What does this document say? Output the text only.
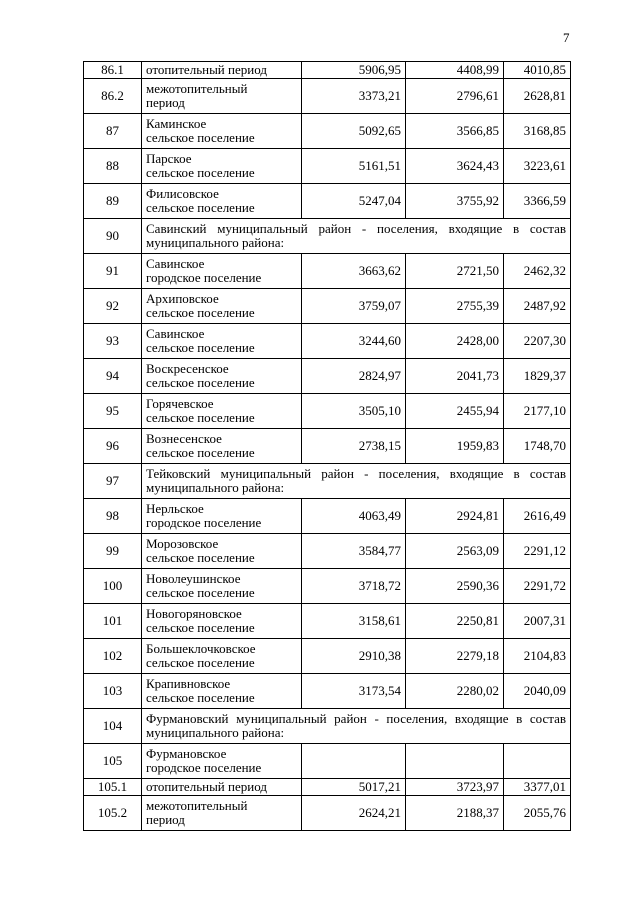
7
86.1	отопительный период	5906,95	4408,99	4010,85
86.2	межотопительный
период	3373,21	2796,61	2628,81
87	Каминское
сельское поселение	5092,65	3566,85	3168,85
88	Парское
сельское поселение	5161,51	3624,43	3223,61
89	Филисовское
сельское поселение	5247,04	3755,92	3366,59
90	Савинский муниципальный район - поселения, входящие в состав муниципального района:			
91	Савинское
городское поселение	3663,62	2721,50	2462,32
92	Архиповское
сельское поселение	3759,07	2755,39	2487,92
93	Савинское
сельское поселение	3244,60	2428,00	2207,30
94	Воскресенское
сельское поселение	2824,97	2041,73	1829,37
95	Горячевское
сельское поселение	3505,10	2455,94	2177,10
96	Вознесенское
сельское поселение	2738,15	1959,83	1748,70
97	Тейковский муниципальный район - поселения, входящие в состав муниципального района:			
98	Нерльское
городское поселение	4063,49	2924,81	2616,49
99	Морозовское
сельское поселение	3584,77	2563,09	2291,12
100	Новолеушинское
сельское поселение	3718,72	2590,36	2291,72
101	Новогоряновское
сельское поселение	3158,61	2250,81	2007,31
102	Большеклочковское
сельское поселение	2910,38	2279,18	2104,83
103	Крапивновское
сельское поселение	3173,54	2280,02	2040,09
104	Фурмановский муниципальный район - поселения, входящие в состав муниципального района:			
105	Фурмановское
городское поселение			

105.1	отопительный период	5017,21	3723,97	3377,01
105.2	межотопительный
период	2624,21	2188,37	2055,76
